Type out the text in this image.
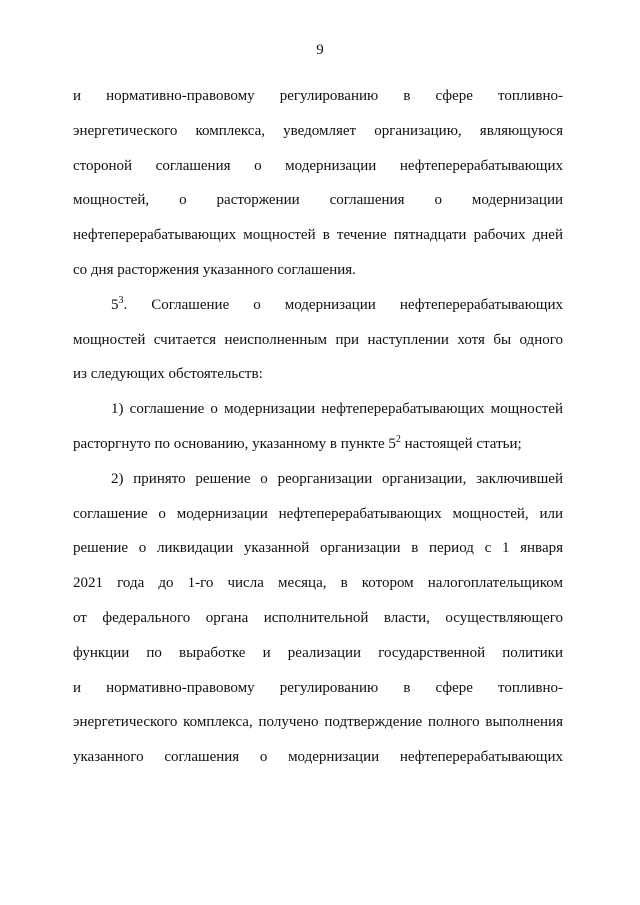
9
и нормативно-правовому регулированию в сфере топливно-
энергетического комплекса, уведомляет организацию, являющуюся
стороной соглашения о модернизации нефтеперерабатывающих
мощностей, о расторжении соглашения о модернизации
нефтеперерабатывающих мощностей в течение пятнадцати рабочих дней
со дня расторжения указанного соглашения.
$5^3$. Соглашение о модернизации нефтеперерабатывающих
мощностей считается неисполненным при наступлении хотя бы одного
из следующих обстоятельств:
1) соглашение о модернизации нефтеперерабатывающих мощностей
расторгнуто по основанию, указанному в пункте $5^2$ настоящей статьи;
2) принято решение о реорганизации организации, заключившей
соглашение о модернизации нефтеперерабатывающих мощностей, или
решение о ликвидации указанной организации в период с 1 января
2021 года до 1-го числа месяца, в котором налогоплательщиком
от федерального органа исполнительной власти, осуществляющего
функции по выработке и реализации государственной политики
и нормативно-правовому регулированию в сфере топливно-
энергетического комплекса, получено подтверждение полного выполнения
указанного соглашения о модернизации нефтеперерабатывающих
